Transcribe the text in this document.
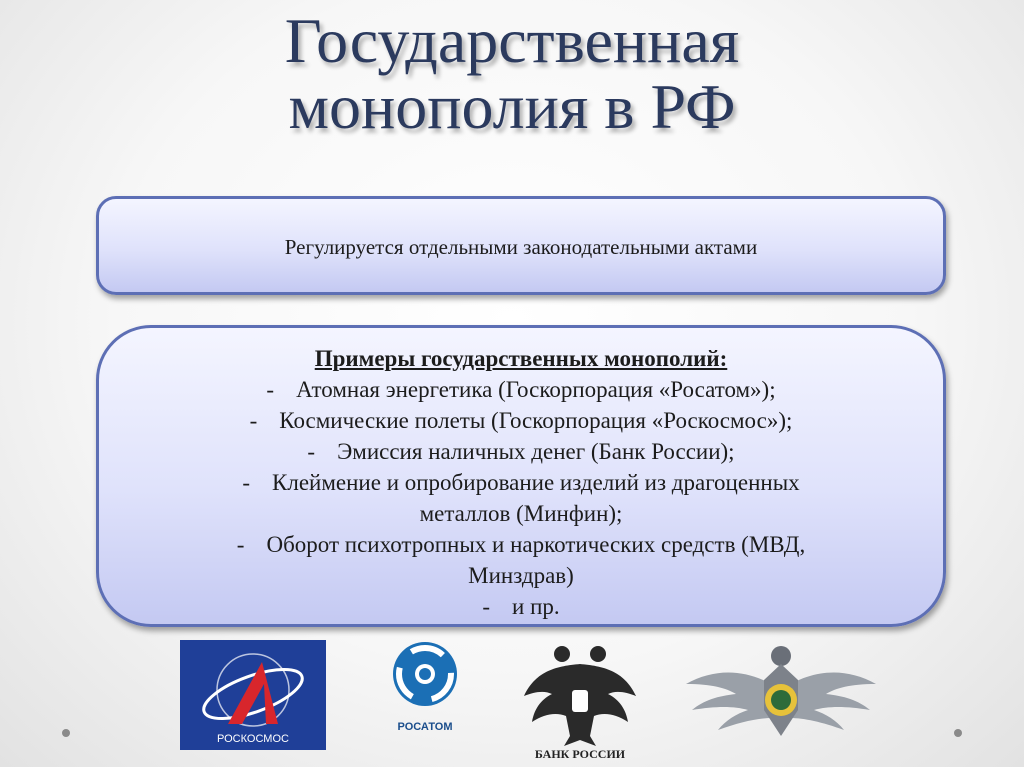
Государственная
монополия в РФ

Регулируется отдельными законодательными актами

Примеры государственных монополий:
- Атомная энергетика (Госкорпорация «Росатом»);
- Космические полеты (Госкорпорация «Роскосмос»);
- Эмиссия наличных денег (Банк России);
- Клеймение и опробирование изделий из драгоценных
металлов (Минфин);
- Оборот психотропных и наркотических средств (МВД,
Минздрав)
- и пр.
РОСКОСМОС
РОСАТОМ
БАНК РОССИИ
